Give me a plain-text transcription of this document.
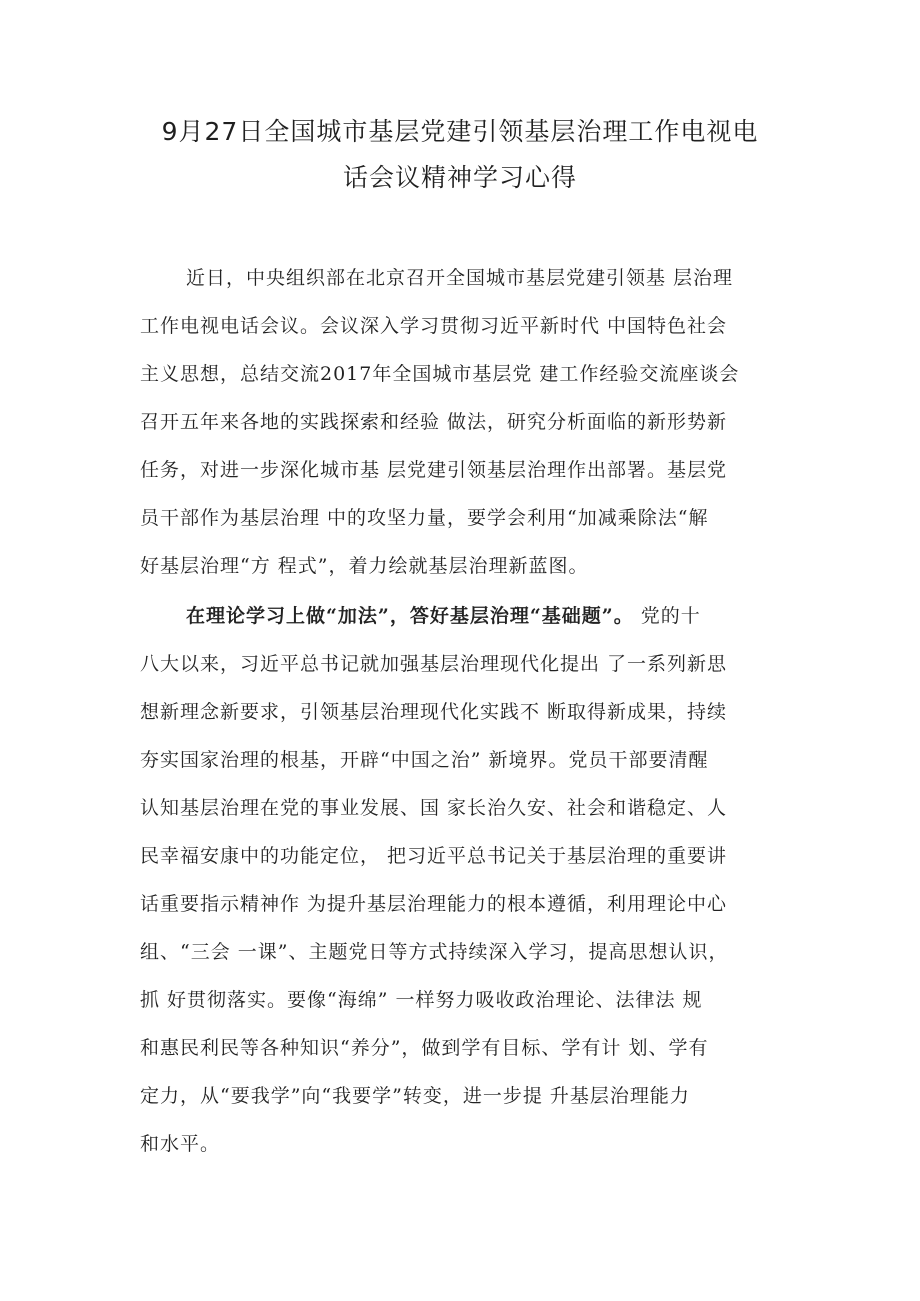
9月27日全国城市基层党建引领基层治理工作电视电
话会议精神学习心得
近日，中央组织部在北京召开全国城市基层党建引领基 层治理
工作电视电话会议。会议深入学习贯彻习近平新时代 中国特色社会
主义思想，总结交流2017年全国城市基层党 建工作经验交流座谈会
召开五年来各地的实践探索和经验 做法，研究分析面临的新形势新
任务，对进一步深化城市基 层党建引领基层治理作出部署。基层党
员干部作为基层治理 中的攻坚力量，要学会利用“加减乘除法“解
好基层治理“方 程式”，着力绘就基层治理新蓝图。
在理论学习上做“加法”，答好基层治理“基础题”。 党的十
八大以来，习近平总书记就加强基层治理现代化提出 了一系列新思
想新理念新要求，引领基层治理现代化实践不 断取得新成果，持续
夯实国家治理的根基，开辟“中国之治” 新境界。党员干部要清醒
认知基层治理在党的事业发展、国 家长治久安、社会和谐稳定、人
民幸福安康中的功能定位， 把习近平总书记关于基层治理的重要讲
话重要指示精神作 为提升基层治理能力的根本遵循，利用理论中心
组、“三会 一课”、主题党日等方式持续深入学习，提高思想认识，
抓 好贯彻落实。要像“海绵” 一样努力吸收政治理论、法律法 规
和惠民利民等各种知识“养分”，做到学有目标、学有计 划、学有
定力，从“要我学”向“我要学”转变，进一步提 升基层治理能力
和水平。
